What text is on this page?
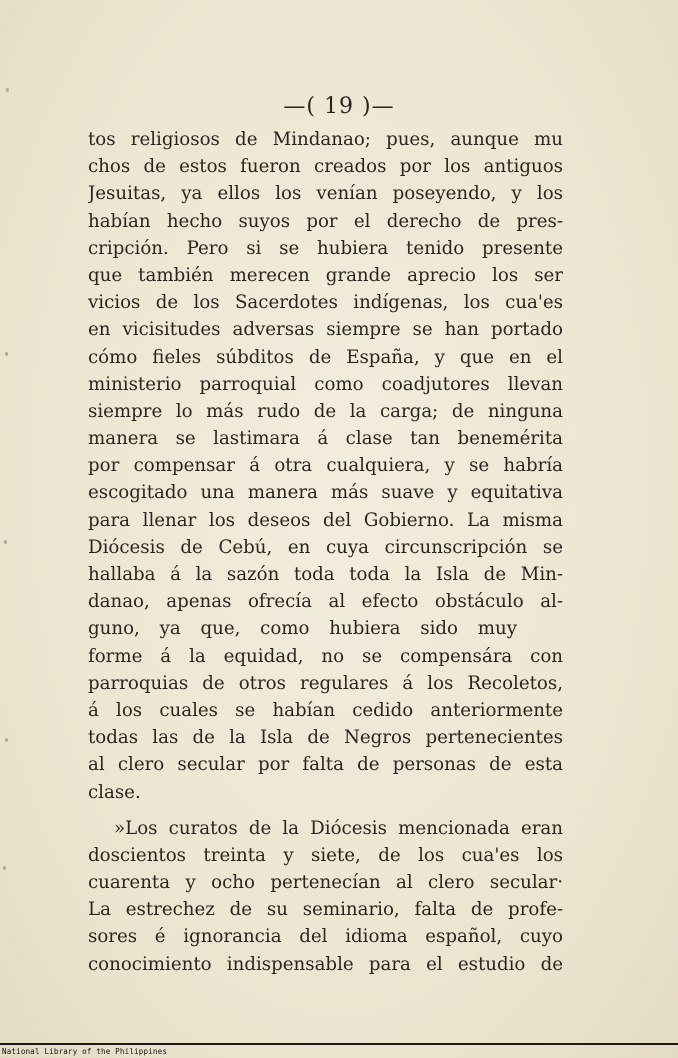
—( 19 )—
tos religiosos de Mindanao; pues, aunque mu
chos de estos fueron creados por los antiguos
Jesuitas, ya ellos los venían poseyendo, y los
habían hecho suyos por el derecho de pres-
cripción. Pero si se hubiera tenido presente
que también merecen grande aprecio los ser
vicios de los Sacerdotes indígenas, los cua'es
en vicisitudes adversas siempre se han portado
cómo fieles súbditos de España, y que en el
ministerio parroquial como coadjutores llevan
siempre lo más rudo de la carga; de ninguna
manera se lastimara á clase tan benemérita
por compensar á otra cualquiera, y se habría
escogitado una manera más suave y equitativa
para llenar los deseos del Gobierno. La misma
Diócesis de Cebú, en cuya circunscripción se
hallaba á la sazón toda toda la Isla de Min-
danao, apenas ofrecía al efecto obstáculo al-
guno, ya que, como hubiera sido muy
forme á la equidad, no se compensára con
parroquias de otros regulares á los Recoletos,
á los cuales se habían cedido anteriormente
todas las de la Isla de Negros pertenecientes
al clero secular por falta de personas de esta
clase.
»Los curatos de la Diócesis mencionada eran
doscientos treinta y siete, de los cua'es los
cuarenta y ocho pertenecían al clero secular·
La estrechez de su seminario, falta de profe-
sores é ignorancia del idioma español, cuyo
conocimiento indispensable para el estudio de
National Library of the Philippines
